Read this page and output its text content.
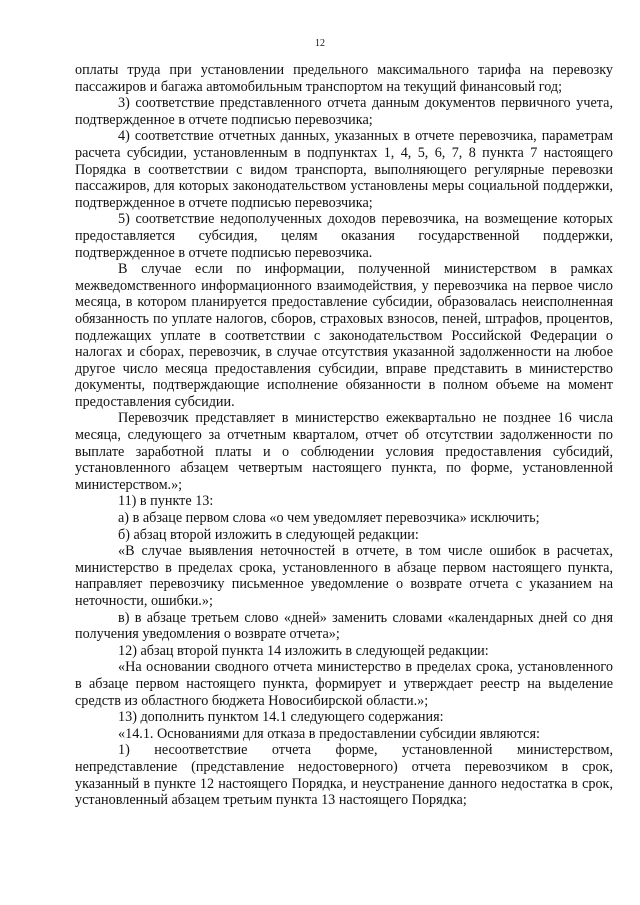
12

оплаты труда при установлении предельного максимального тарифа на перевозку пассажиров и багажа автомобильным транспортом на текущий финансовый год;

3) соответствие представленного отчета данным документов первичного учета, подтвержденное в отчете подписью перевозчика;

4) соответствие отчетных данных, указанных в отчете перевозчика, параметрам расчета субсидии, установленным в подпунктах 1, 4, 5, 6, 7, 8 пункта 7 настоящего Порядка в соответствии с видом транспорта, выполняющего регулярные перевозки пассажиров, для которых законодательством установлены меры социальной поддержки, подтвержденное в отчете подписью перевозчика;

5) соответствие недополученных доходов перевозчика, на возмещение которых предоставляется субсидия, целям оказания государственной поддержки, подтвержденное в отчете подписью перевозчика.

В случае если по информации, полученной министерством в рамках межведомственного информационного взаимодействия, у перевозчика на первое число месяца, в котором планируется предоставление субсидии, образовалась неисполненная обязанность по уплате налогов, сборов, страховых взносов, пеней, штрафов, процентов, подлежащих уплате в соответствии с законодательством Российской Федерации о налогах и сборах, перевозчик, в случае отсутствия указанной задолженности на любое другое число месяца предоставления субсидии, вправе представить в министерство документы, подтверждающие исполнение обязанности в полном объеме на момент предоставления субсидии.

Перевозчик представляет в министерство ежеквартально не позднее 16 числа месяца, следующего за отчетным кварталом, отчет об отсутствии задолженности по выплате заработной платы и о соблюдении условия предоставления субсидий, установленного абзацем четвертым настоящего пункта, по форме, установленной министерством.»;

11) в пункте 13:

а) в абзаце первом слова «о чем уведомляет перевозчика» исключить;

б) абзац второй изложить в следующей редакции:

«В случае выявления неточностей в отчете, в том числе ошибок в расчетах, министерство в пределах срока, установленного в абзаце первом настоящего пункта, направляет перевозчику письменное уведомление о возврате отчета с указанием на неточности, ошибки.»;

в) в абзаце третьем слово «дней» заменить словами «календарных дней со дня получения уведомления о возврате отчета»;

12) абзац второй пункта 14 изложить в следующей редакции:

«На основании сводного отчета министерство в пределах срока, установленного в абзаце первом настоящего пункта, формирует и утверждает реестр на выделение средств из областного бюджета Новосибирской области.»;

13) дополнить пунктом 14.1 следующего содержания:

«14.1. Основаниями для отказа в предоставлении субсидии являются:

1) несоответствие отчета форме, установленной министерством, непредставление (представление недостоверного) отчета перевозчиком в срок, указанный в пункте 12 настоящего Порядка, и неустранение данного недостатка в срок, установленный абзацем третьим пункта 13 настоящего Порядка;
